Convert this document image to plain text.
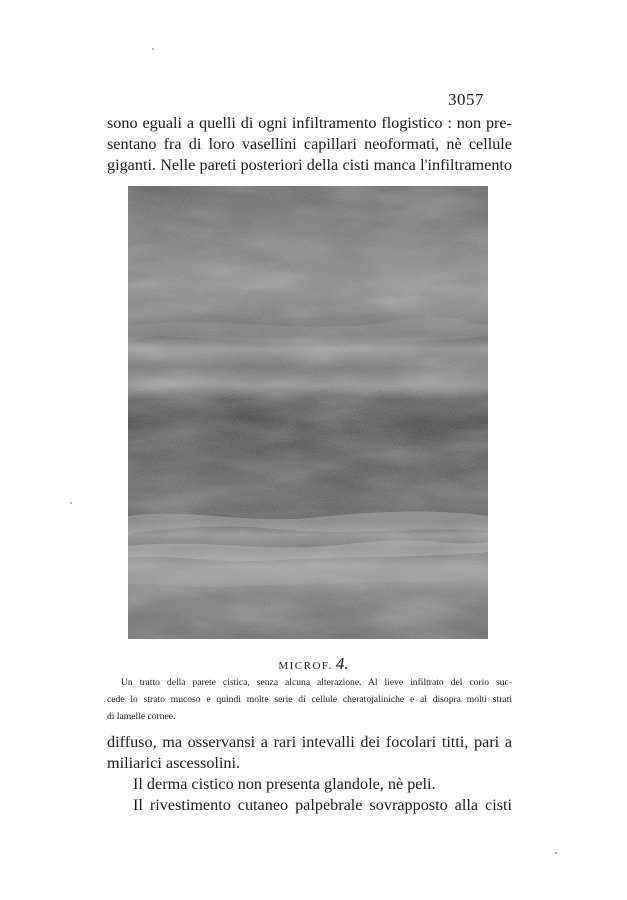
3057
sono eguali a quelli di ogni infiltramento flogistico : non pre-
sentano fra di loro vasellini capillari neoformati, nè cellule
giganti. Nelle pareti posteriori della cisti manca l'infiltramento
MICROF. 4.
Un tratto della parete cistica, senza alcuna alterazione. Al lieve infiltrato del corio suc-
cede lo strato mucoso e quindi molte serie di cellule cheratojaliniche e al disopra molti strati
di lamelle cornee.
diffuso, ma osservansi a rari intevalli dei focolari titti, pari a
miliarici ascessolini.
Il derma cistico non presenta glandole, nè peli.
Il rivestimento cutaneo palpebrale sovrapposto alla cisti
